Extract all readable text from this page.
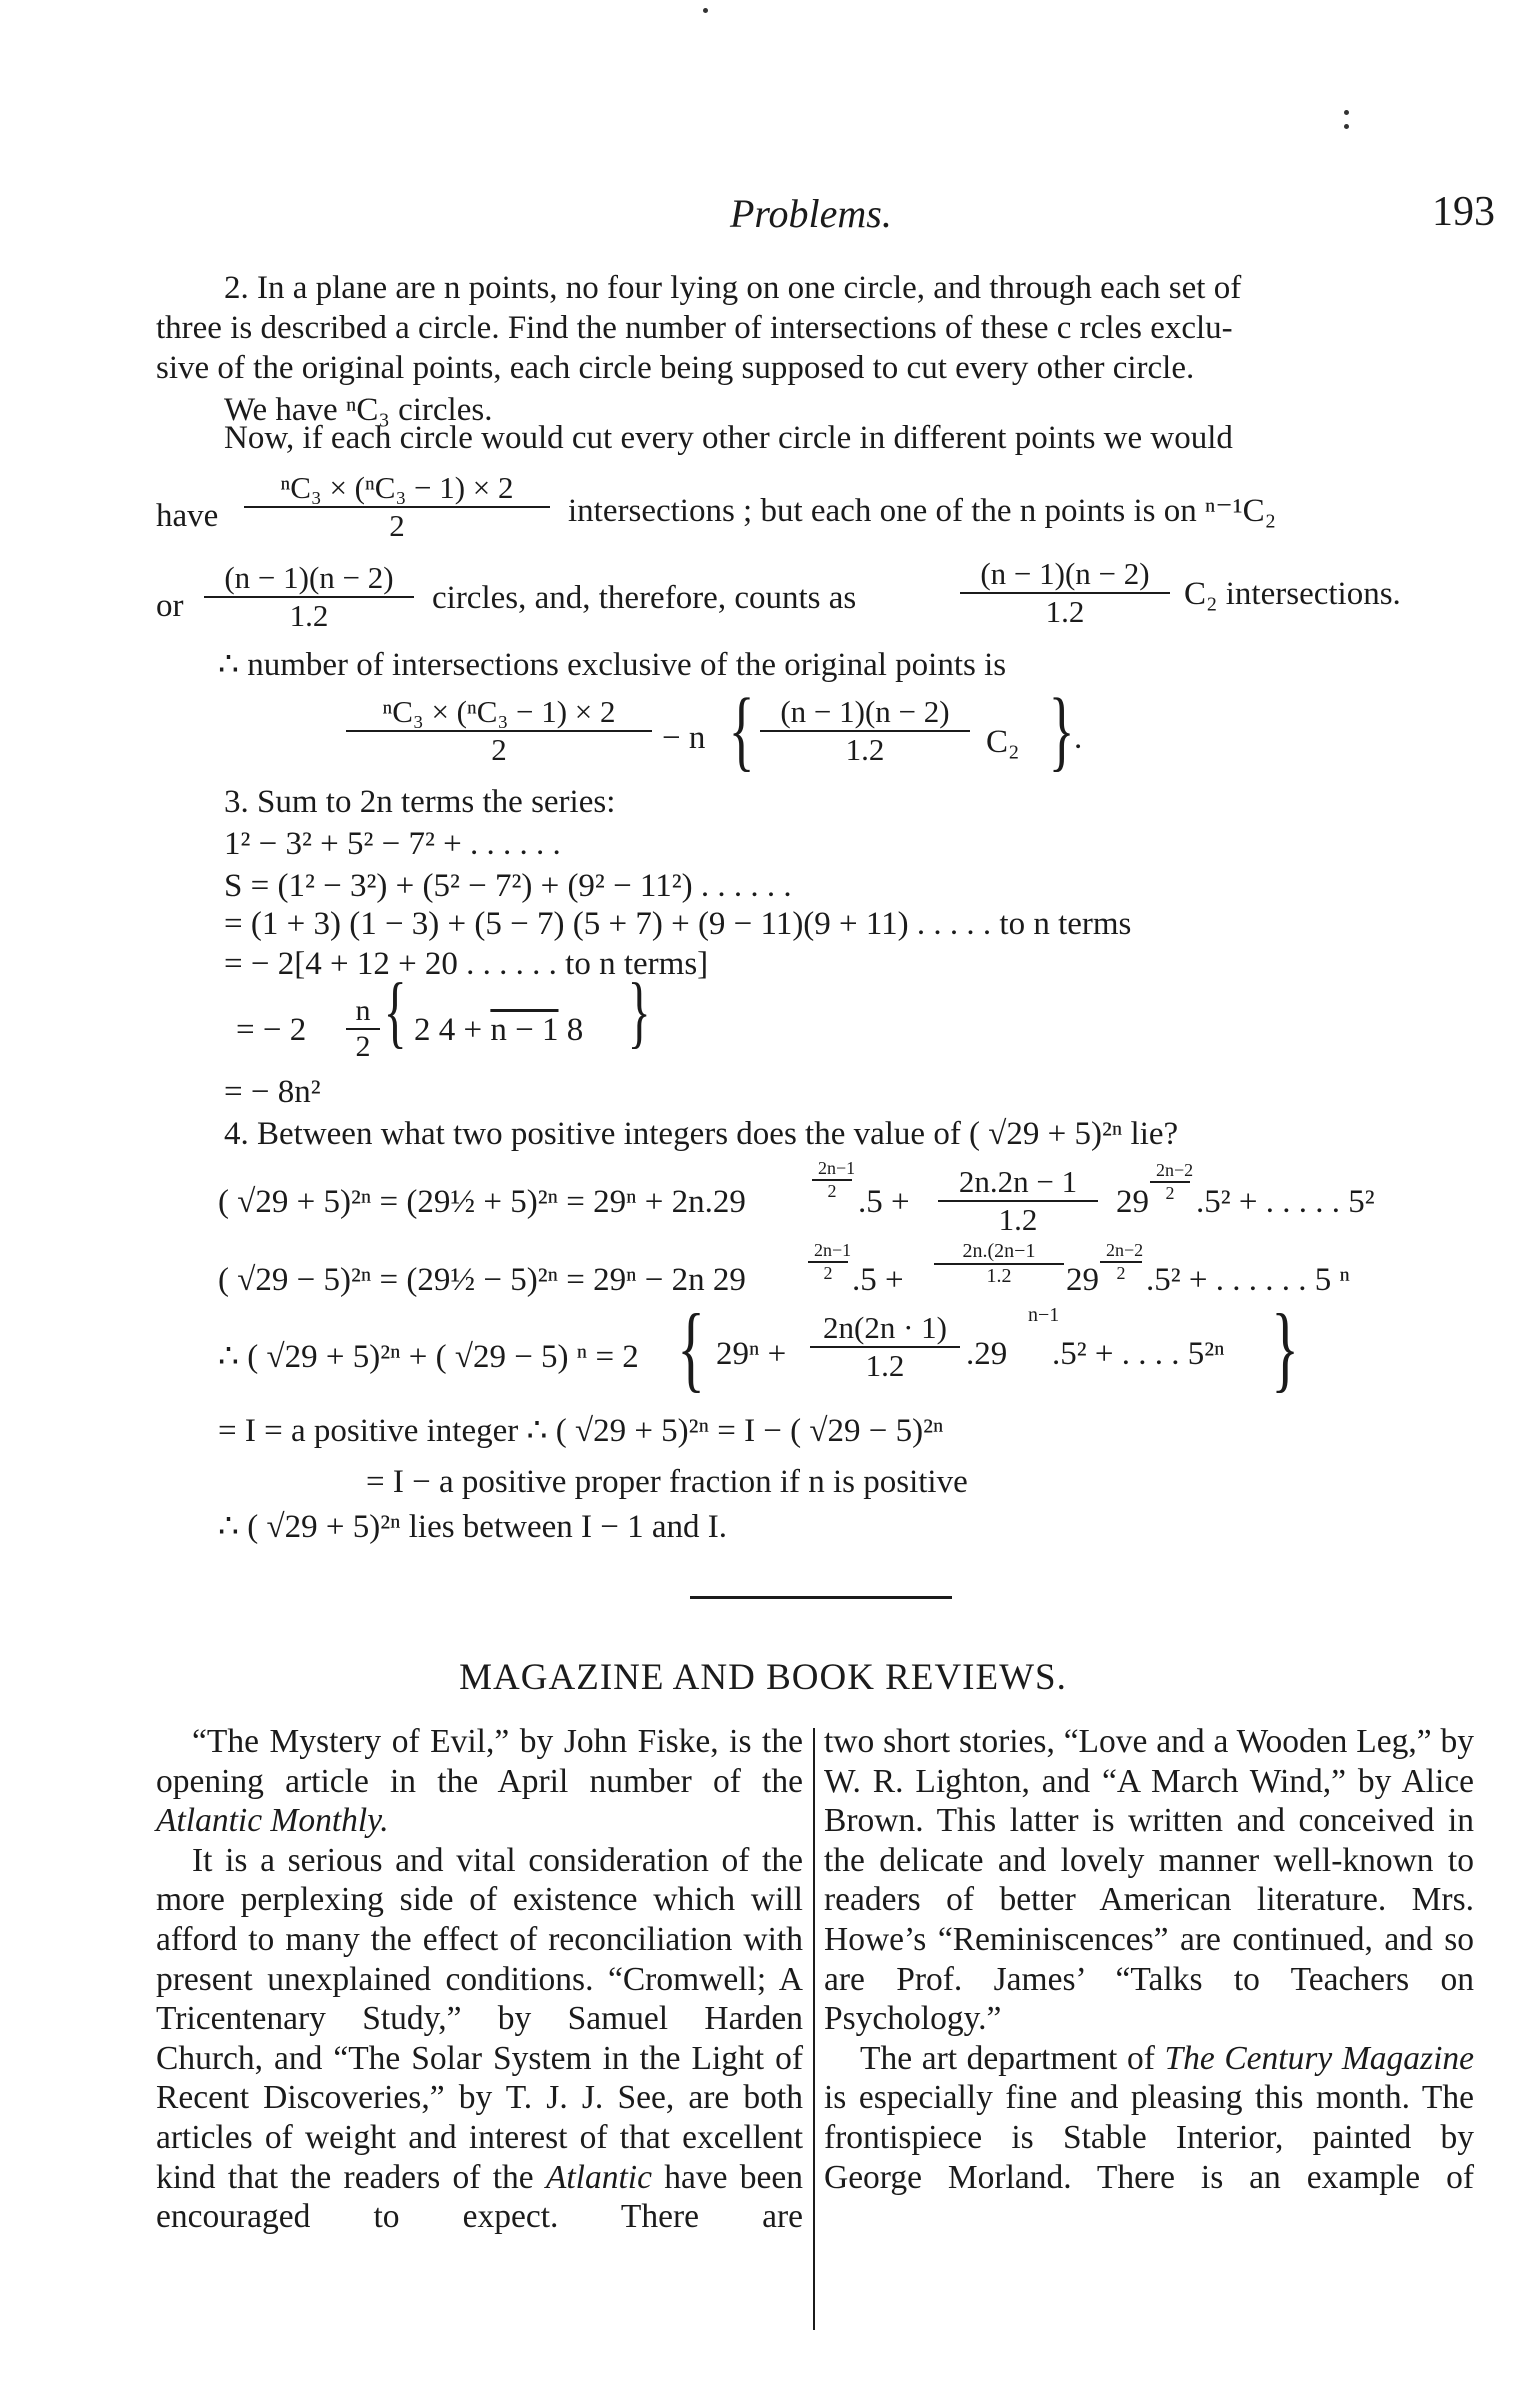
Problems.	193
2. In a plane are n points, no four lying on one circle, and through each set of
three is described a circle. Find the number of intersections of these c rcles exclu-
sive of the original points, each circle being supposed to cut every other circle.
We have ⁿC₃ circles.
Now, if each circle would cut every other circle in different points we would
have $\frac{\text{ⁿC₃ × (ⁿC₃ − 1) × 2}}{2}$ intersections ; but each one of the n points is on ⁿ⁻¹C₂
or $\frac{(n - 1)(n - 2)}{1.2}$ circles, and, therefore, counts as	$\frac{(n - 1)(n - 2)}{1.2} C_2$ intersections.
∴ number of intersections exclusive of the original points is
$\frac{\text{ⁿC₃ × (ⁿC₃ − 1) × 2}}{2} - n$ { $\frac{(n - 1)(n - 2)}{1.2} C_2$ } .
3. Sum to 2n terms the series:
1² − 3² + 5² − 7² + . . . . . .
S = (1² − 3²) + (5² − 7²) + (9² − 11²) . . . . . .
= (1 + 3) (1 − 3) + (5 − 7) (5 + 7) + (9 − 11)(9 + 11) . . . . . to n terms
= − 2[4 + 12 + 20 . . . . . . to n terms]
= − $2 \frac{n}{2}$ { 2 4 + n − 1 8 }
= − 8n²
4. Between what two positive integers does the value of ( √29 + 5)²ⁿ lie?
( √29 + 5)²ⁿ = (29½ + 5)²ⁿ = 29ⁿ + 2n.29	$\frac{2n-1}{2} .5 + \frac{2n.2n - 1}{1.2} 29 \frac{2n-2}{2} .5^2$ + . . . . . 5²
( √29 − 5)²ⁿ = (29½ − 5)²ⁿ = 29ⁿ − 2n 29	$\frac{2n-1}{2} .5 + \frac{2n.(2n-1}{1.2} 29 \frac{2n-2}{2} .5^2$ + . . . . . . 5 ⁿ
∴ ( √29 + 5)²ⁿ + ( √29 − 5) ⁿ = 2 { $29^n + \frac{2n(2n \cdot 1)}{1.2} .29$
n−1
.5² + . . . . 5²ⁿ }
= I = a positive integer ∴ ( √29 + 5)²ⁿ = I − ( √29 − 5)²ⁿ
= I − a positive proper fraction if n is positive
∴ ( √29 + 5)²ⁿ lies between I − 1 and I.
MAGAZINE AND BOOK REVIEWS.

“The Mystery of Evil,” by John Fiske, is the opening article in the April number of the Atlantic Monthly.

It is a serious and vital consideration of the more perplexing side of existence which will afford to many the effect of reconciliation with present unexplained conditions. “Cromwell; A Tricentenary Study,” by Samuel Harden Church, and “The Solar System in the Light of Recent Discoveries,” by T. J. J. See, are both articles of weight and interest of that excellent kind that the readers of the Atlantic have been encouraged to expect. There are

two short stories, “Love and a Wooden Leg,” by W. R. Lighton, and “A March Wind,” by Alice Brown. This latter is written and conceived in the delicate and lovely manner well-known to readers of better American literature. Mrs. Howe’s “Reminiscences” are continued, and so are Prof. James’ “Talks to Teachers on Psychology.”

The art department of The Century Magazine is especially fine and pleasing this month. The frontispiece is Stable Interior, painted by George Morland. There is an example of
